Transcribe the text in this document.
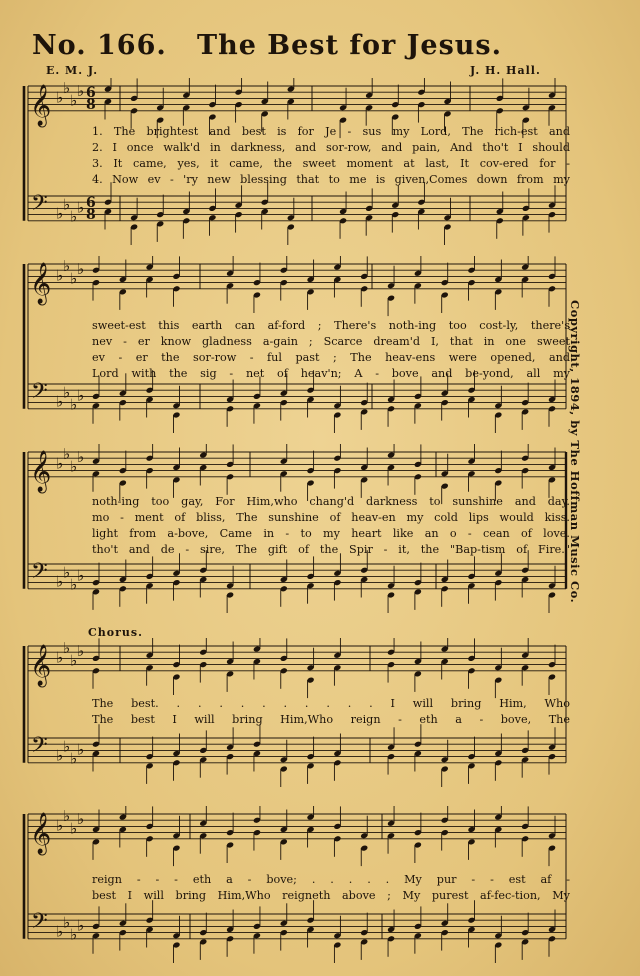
No. 166. The Best for Jesus.
E. M. J.	J. H. Hall.
Copyright, 1894, by The Hoffman Music Co.
𝄞
𝄢
♭
♭
♭
♭
♭
♭
♭
♭
6
8
6
8
1. The brightest and best is for Je - sus my Lord, The rich-est and
2. I once walk'd in darkness, and sor-row, and pain, And tho't I should
3. It came, yes, it came, the sweet moment at last, It cov-ered for -
4. Now ev - 'ry new blessing that to me is given,Comes down from my
𝄞
𝄢
♭
♭
♭
♭
♭
♭
♭
♭
sweet-est this earth can af-ford ; There's noth-ing too cost-ly, there's
nev - er know gladness a-gain ; Scarce dream'd I, that in one sweet
ev - er the sor-row - ful past ; The heav-ens were opened, and
Lord with the sig - net of heav'n; A - bove and be-yond, all my
𝄞
𝄢
♭
♭
♭
♭
♭
♭
♭
♭
noth-ing too gay, For Him,who chang'd darkness to sunshine and day.
mo - ment of bliss, The sunshine of heav-en my cold lips would kiss.
light from a-bove, Came in - to my heart like an o - cean of love.
tho't and de - sire, The gift of the Spir - it, the "Bap-tism of Fire."
Chorus.
𝄞
𝄢
♭
♭
♭
♭
♭
♭
♭
♭
The best. . . . . . . . . . . I will bring Him, Who
The best I will bring Him,Who reign - eth a - bove, The
𝄞
𝄢
♭
♭
♭
♭
♭
♭
♭
♭
reign - - - eth a - bove; . . . . . My pur - - est af -
best I will bring Him,Who reigneth above ; My purest af-fec-tion, My
